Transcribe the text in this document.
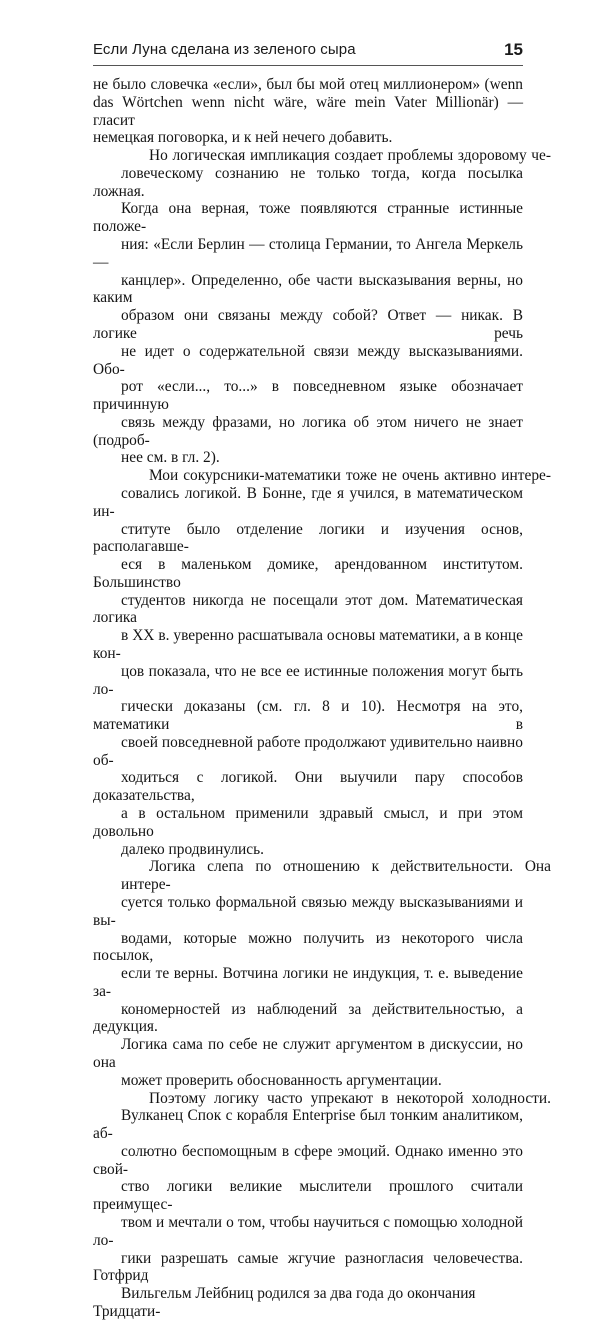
Если Луна сделана из зеленого сыра	15

не было словечка «если», был бы мой отец миллионером» (wenn
das Wörtchen wenn nicht wäre, wäre mein Vater Millionär) — гласит
немецкая поговорка, и к ней нечего добавить.

Но логическая импликация создает проблемы здоровому че-
ловеческому сознанию не только тогда, когда посылка ложная.
Когда она верная, тоже появляются странные истинные положе-
ния: «Если Берлин — столица Германии, то Ангела Меркель —
канцлер». Определенно, обе части высказывания верны, но каким
образом они связаны между собой? Ответ — никак. В логике речь
не идет о содержательной связи между высказываниями. Обо-
рот «если..., то...» в повседневном языке обозначает причинную
связь между фразами, но логика об этом ничего не знает (подроб-
нее см. в гл. 2).

Мои сокурсники-математики тоже не очень активно интере-
совались логикой. В Бонне, где я учился, в математическом ин-
ституте было отделение логики и изучения основ, располагавше-
еся в маленьком домике, арендованном институтом. Большинство
студентов никогда не посещали этот дом. Математическая логика
в XX в. уверенно расшатывала основы математики, а в конце кон-
цов показала, что не все ее истинные положения могут быть ло-
гически доказаны (см. гл. 8 и 10). Несмотря на это, математики в
своей повседневной работе продолжают удивительно наивно об-
ходиться с логикой. Они выучили пару способов доказательства,
а в остальном применили здравый смысл, и при этом довольно
далеко продвинулись.

Логика слепа по отношению к действительности. Она интере-
суется только формальной связью между высказываниями и вы-
водами, которые можно получить из некоторого числа посылок,
если те верны. Вотчина логики не индукция, т. е. выведение за-
кономерностей из наблюдений за действительностью, а дедукция.
Логика сама по себе не служит аргументом в дискуссии, но она
может проверить обоснованность аргументации.

Поэтому логику часто упрекают в некоторой холодности.
Вулканец Спок с корабля Enterprise был тонким аналитиком, аб-
солютно беспомощным в сфере эмоций. Однако именно это свой-
ство логики великие мыслители прошлого считали преимущес-
твом и мечтали о том, чтобы научиться с помощью холодной ло-
гики разрешать самые жгучие разногласия человечества. Готфрид
Вильгельм Лейбниц родился за два года до окончания Тридцати-
